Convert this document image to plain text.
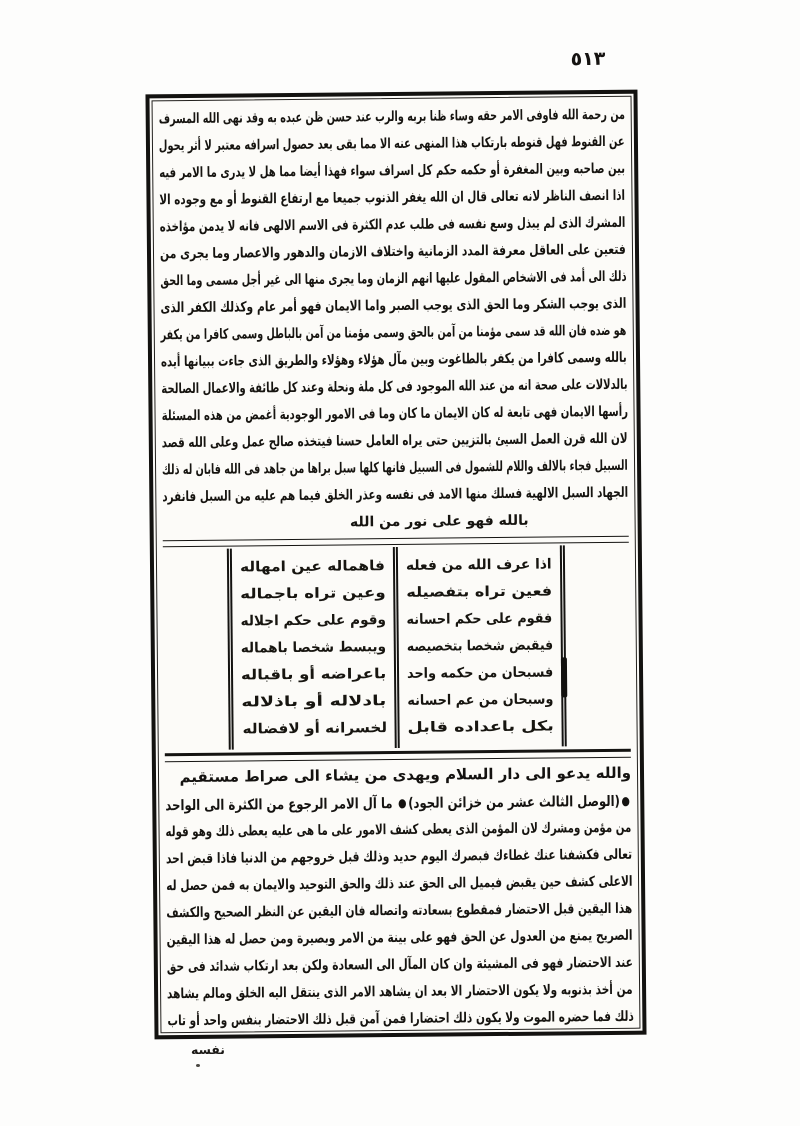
٥١٣
من رحمة الله فاوفى الامر حقه وساء ظنا بربه والرب عند حسن ظن عبده به وقد نهى الله المسرف
عن القنوط فهل قنوطه بارتكاب هذا المنهى عنه الا مما بقى بعد حصول اسرافه معتبر لا أثر يحول
بين صاحبه وبين المغفرة أو حكمه حكم كل اسراف سواء فهذا أيضا مما هل لا يدرى ما الامر فيه
اذا انصف الناظر لانه تعالى قال ان الله يغفر الذنوب جميعا مع ارتفاع القنوط أو مع وجوده الا
المشرك الذى لم يبذل وسع نفسه فى طلب عدم الكثرة فى الاسم الالهى فانه لا يدمن مؤاخذه
فتعين على العاقل معرفة المدد الزمانية واختلاف الازمان والدهور والاعصار وما يجرى من
ذلك الى أمد فى الاشخاص المقول عليها انهم الزمان وما يجرى منها الى غير أجل مسمى وما الحق
الذى يوجب الشكر وما الحق الذى يوجب الصبر واما الايمان فهو أمر عام وكذلك الكفر الذى
هو ضده فان الله قد سمى مؤمنا من آمن بالحق وسمى مؤمنا من آمن بالباطل وسمى كافرا من يكفر
بالله وسمى كافرا من يكفر بالطاغوت وبين مآل هؤلاء وهؤلاء والطريق الذى جاءت ببيانها أيده
بالدلالات على صحة انه من عند الله الموجود فى كل ملة ونحلة وعند كل طائفة والاعمال الصالحة
رأسها الايمان فهى تابعة له كان الايمان ما كان وما فى الامور الوجودية أغمض من هذه المسئلة
لان الله قرن العمل السيئ بالتزيين حتى يراه العامل حسنا فيتخذه صالح عمل وعلى الله قصد
السبيل فجاء بالالف واللام للشمول فى السبيل فانها كلها سبل براها من جاهد فى الله فابان له ذلك
الجهاد السبل الالهية فسلك منها الامد فى نفسه وعذر الخلق فيما هم عليه من السبل فانفرد
بالله فهو على نور من الله
اذا عرف الله من فعله
فعين تراه بتفصيله
فقوم على حكم احسانه
فيقبض شخصا بتخصيصه
فسبحان من حكمه واحد
وسبحان من عم احسانه
بكل باعداده قابل
فاهماله عين امهاله
وعين تراه باجماله
وقوم على حكم اجلاله
ويبسط شخصا باهماله
باعراضه أو باقباله
بادلاله أو باذلاله
لخسرانه أو لافضاله
والله يدعو الى دار السلام ويهدى من يشاء الى صراط مستقيم
●(الوصل الثالث عشر من خزائن الجود)●ما آل الامر الرجوع من الكثرة الى الواحد
من مؤمن ومشرك لان المؤمن الذى يعطى كشف الامور على ما هى عليه يعطى ذلك وهو قوله
تعالى فكشفنا عنك غطاءك فبصرك اليوم حديد وذلك قبل خروجهم من الدنيا فاذا قبض احد
الاعلى كشف حين يقبض فيميل الى الحق عند ذلك والحق التوحيد والايمان به فمن حصل له
هذا اليقين قبل الاحتضار فمقطوع بسعادته واتصاله فان اليقين عن النظر الصحيح والكشف
الصريح يمنع من العدول عن الحق فهو على بينة من الامر وبصيرة ومن حصل له هذا اليقين
عند الاحتضار فهو فى المشيئة وان كان المآل الى السعادة ولكن بعد ارتكاب شدائد فى حق
من أخذ بذنوبه ولا يكون الاحتضار الا بعد ان يشاهد الامر الذى ينتقل اليه الخلق ومالم يشاهد
ذلك فما حضره الموت ولا يكون ذلك احتضارا فمن آمن قبل ذلك الاحتضار بنفس واحد أو تاب
نفسه
